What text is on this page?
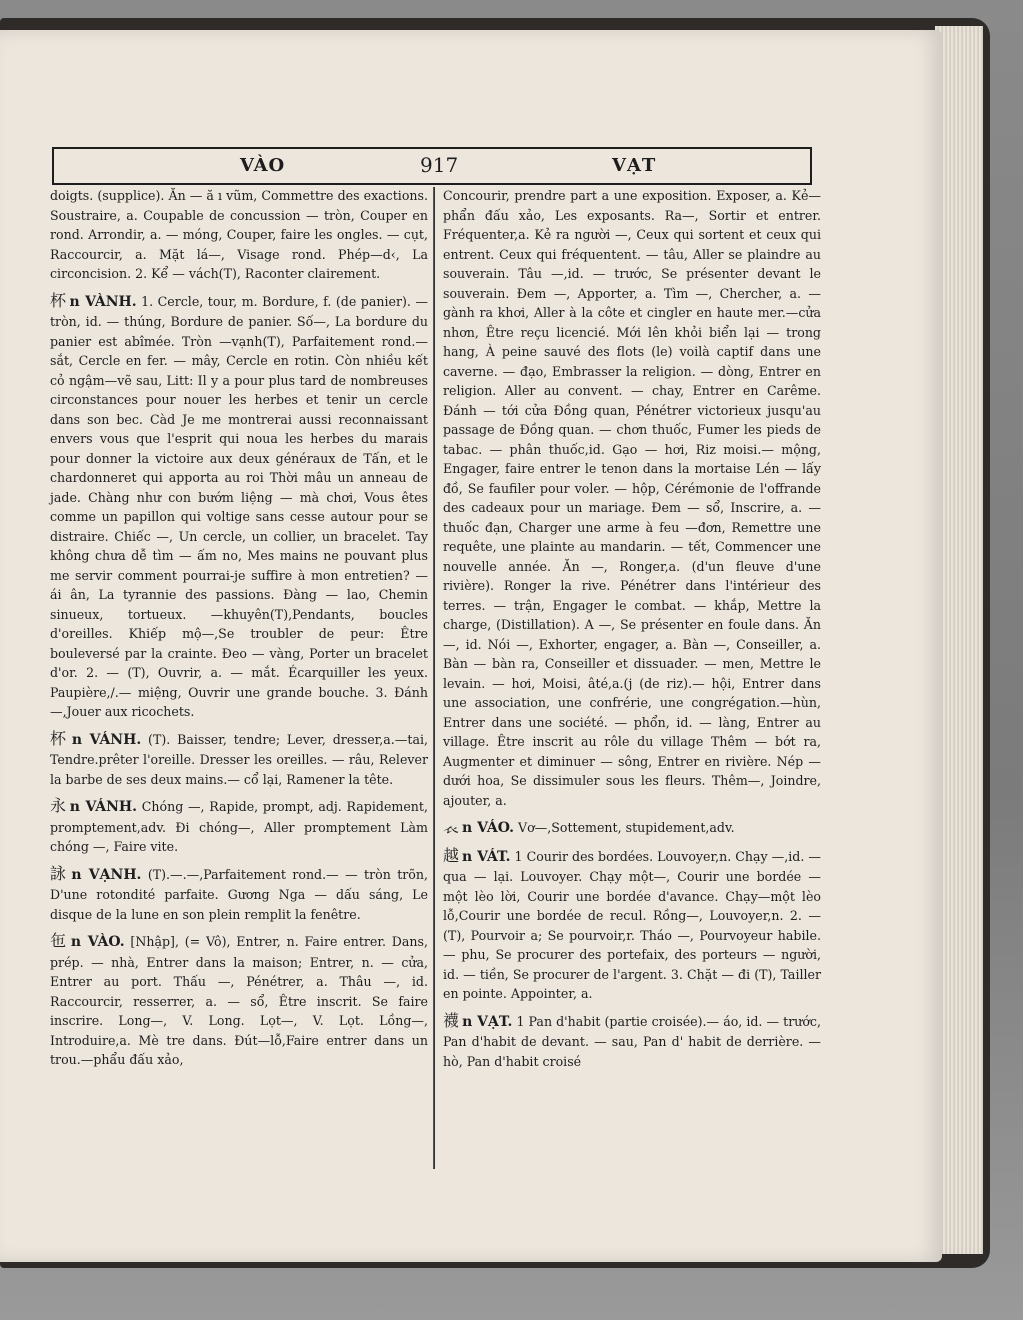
VÀO	917	VẠT

doigts. (supplice). Ăn — ă ı vũm, Commettre des exactions. Soustraire, a. Coupable de concussion — tròn, Couper en rond. Arrondir, a. — móng, Couper, faire les ongles. — cụt, Raccourcir, a. Mặt lá—, Visage rond. Phép—d‹, La circoncision. 2. Kể — vách(T), Raconter clairement.

杯 n VÀNH. 1. Cercle, tour, m. Bordure, f. (de panier). — tròn, id. — thúng, Bordure de panier. Số—, La bordure du panier est abîmée. Tròn —vạnh(T), Parfaitement rond.—sắt, Cercle en fer. — mây, Cercle en rotin. Còn nhiều kết cỏ ngậm—vẽ sau, Litt: Il y a pour plus tard de nombreuses circonstances pour nouer les herbes et tenir un cercle dans son bec. Càd Je me montrerai aussi reconnaissant envers vous que l'esprit qui noua les herbes du marais pour donner la victoire aux deux généraux de Tấn, et le chardonneret qui apporta au roi Thời mâu un anneau de jade. Chàng như con bướm liệng — mà chơi, Vous êtes comme un papillon qui voltige sans cesse autour pour se distraire. Chiếc —, Un cercle, un collier, un bracelet. Tay không chưa dễ tìm — ấm no, Mes mains ne pouvant plus me servir comment pourrai-je suffire à mon entretien? — ái ân, La tyrannie des passions. Đàng — lao, Chemin sinueux, tortueux. —khuyên(T),Pendants, boucles d'oreilles. Khiếp mộ—,Se troubler de peur: Être bouleversé par la crainte. Đeo — vàng, Porter un bracelet d'or. 2. — (T), Ouvrir, a. — mắt. Écarquiller les yeux. Paupière,/.— miệng, Ouvrir une grande bouche. 3. Đánh —,Jouer aux ricochets.

杯 n VÁNH. (T). Baisser, tendre; Lever, dresser,a.—tai, Tendre.prêter l'oreille. Dresser les oreilles. — râu, Relever la barbe de ses deux mains.— cổ lại, Ramener la tête.

永 n VÁNH. Chóng —, Rapide, prompt, adj. Rapidement, promptement,adv. Đi chóng—, Aller promptement Làm chóng —, Faire vite.

詠 n VẠNH. (T).—.—,Parfaitement rond.— — tròn trõn, D'une rotondité parfaite. Gương Nga — dấu sáng, Le disque de la lune en son plein remplit la fenêtre.

㐌 n VÀO. [Nhập], (= Vô), Entrer, n. Faire entrer. Dans, prép. — nhà, Entrer dans la maison; Entrer, n. — cửa, Entrer au port. Thấu —, Pénétrer, a. Thâu —, id. Raccourcir, resserrer, a. — sổ, Être inscrit. Se faire inscrire. Long—, V. Long. Lọt—, V. Lọt. Lồng—, Introduire,a. Mè tre dans. Đút—lỗ,Faire entrer dans un trou.—phẩu đấu xảo,

Concourir, prendre part a une exposition. Exposer, a. Kẻ— phẩn đấu xảo, Les exposants. Ra—, Sortir et entrer. Fréquenter,a. Kẻ ra người —, Ceux qui sortent et ceux qui entrent. Ceux qui fréquentent. — tâu, Aller se plaindre au souverain. Tâu —,id. — trước, Se présenter devant le souverain. Đem —, Apporter, a. Tìm —, Chercher, a. — gành ra khơi, Aller à la côte et cingler en haute mer.—cửa nhơn, Être reçu licencié. Mới lên khỏi biển lại — trong hang, À peine sauvé des flots (le) voilà captif dans une caverne. — đạo, Embrasser la religion. — dòng, Entrer en religion. Aller au convent. — chay, Entrer en Carême. Đánh — tới cửa Đồng quan, Pénétrer victorieux jusqu'au passage de Đồng quan. — chơn thuốc, Fumer les pieds de tabac. — phân thuốc,id. Gạo — hơi, Riz moisi.— mộng, Engager, faire entrer le tenon dans la mortaise Lén — lấy đồ, Se faufiler pour voler. — hộp, Cérémonie de l'offrande des cadeaux pour un mariage. Đem — sổ, Inscrire, a. — thuốc đạn, Charger une arme à feu —đơn, Remettre une requête, une plainte au mandarin. — tết, Commencer une nouvelle année. Ăn —, Ronger,a. (d'un fleuve d'une rivière). Ronger la rive. Pénétrer dans l'intérieur des terres. — trận, Engager le combat. — khắp, Mettre la charge, (Distillation). A —, Se présenter en foule dans. Ăn —, id. Nói —, Exhorter, engager, a. Bàn —, Conseiller, a. Bàn — bàn ra, Conseiller et dissuader. — men, Mettre le levain. — hơi, Moisi, âté,a.(j (de riz).— hội, Entrer dans une association, une confrérie, une congrégation.—hùn, Entrer dans une société. — phổn, id. — làng, Entrer au village. Être inscrit au rôle du village Thêm — bớt ra, Augmenter et diminuer — sông, Entrer en rivière. Nép — dưới hoa, Se dissimuler sous les fleurs. Thêm—, Joindre, ajouter, a.

𧘇 n VÁO. Vơ—,Sottement, stupidement,adv.

越 n VÁT. 1 Courir des bordées. Louvoyer,n. Chạy —,id. — qua — lại. Louvoyer. Chạy một—, Courir une bordée — một lèo lời, Courir une bordée d'avance. Chạy—một lèo lỗ,Courir une bordée de recul. Rồng—, Louvoyer,n. 2. — (T), Pourvoir a; Se pourvoir,r. Tháo —, Pourvoyeur habile. — phu, Se procurer des portefaix, des porteurs — người, id. — tiền, Se procurer de l'argent. 3. Chặt — đi (T), Tailler en pointe. Appointer, a.

襪 n VẠT. 1 Pan d'habit (partie croisée).— áo, id. — trước, Pan d'habit de devant. — sau, Pan d' habit de derrière. — hò, Pan d'habit croisé
